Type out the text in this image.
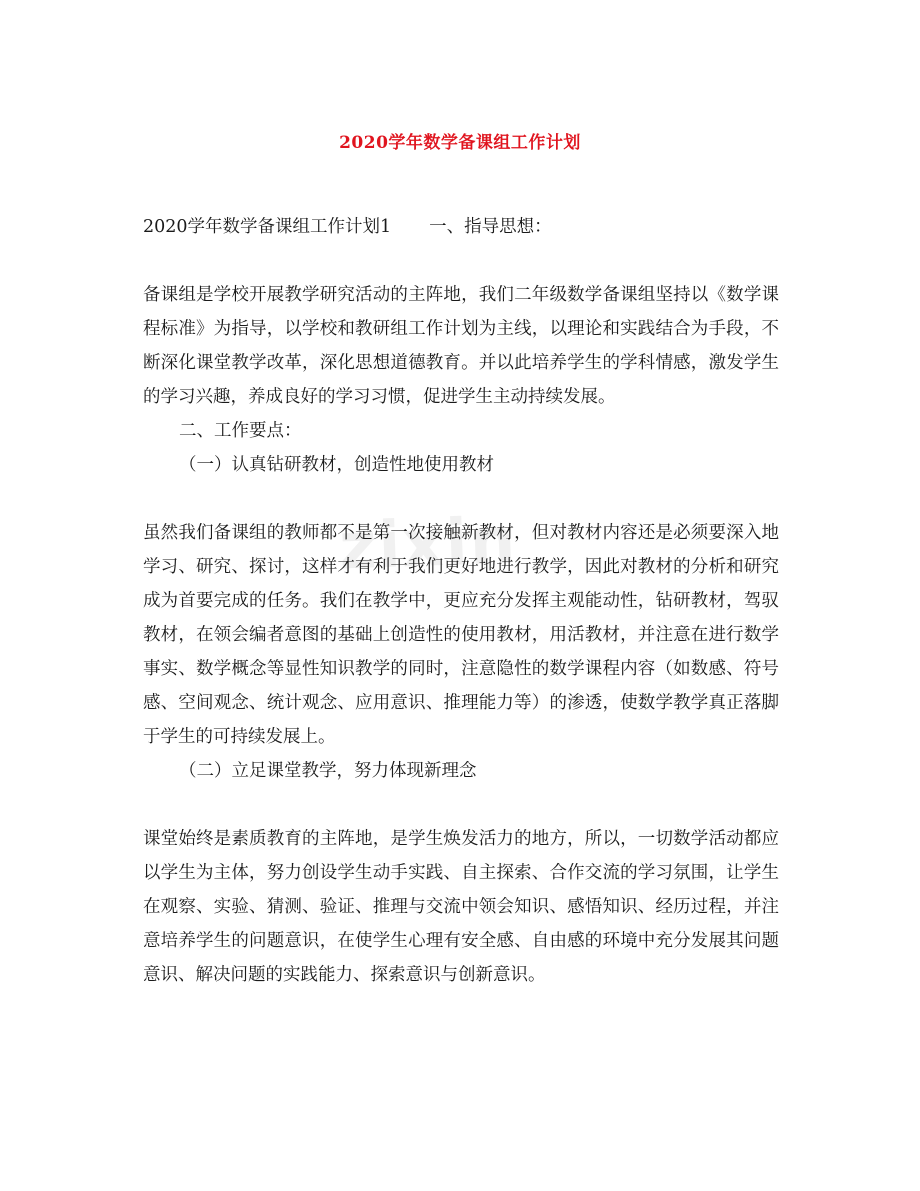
2020学年数学备课组工作计划
zixin
2020学年数学备课组工作计划1 一、指导思想：

备课组是学校开展教学研究活动的主阵地，我们二年级数学备课组坚持以《数学课程标准》为指导，以学校和教研组工作计划为主线，以理论和实践结合为手段，不断深化课堂教学改革，深化思想道德教育。并以此培养学生的学科情感，激发学生的学习兴趣，养成良好的学习习惯，促进学生主动持续发展。

二、工作要点：

（一）认真钻研教材，创造性地使用教材

虽然我们备课组的教师都不是第一次接触新教材，但对教材内容还是必须要深入地学习、研究、探讨，这样才有利于我们更好地进行教学，因此对教材的分析和研究成为首要完成的任务。我们在教学中，更应充分发挥主观能动性，钻研教材，驾驭教材，在领会编者意图的基础上创造性的使用教材，用活教材，并注意在进行数学事实、数学概念等显性知识教学的同时，注意隐性的数学课程内容（如数感、符号感、空间观念、统计观念、应用意识、推理能力等）的渗透，使数学教学真正落脚于学生的可持续发展上。

（二）立足课堂教学，努力体现新理念

课堂始终是素质教育的主阵地，是学生焕发活力的地方，所以，一切数学活动都应以学生为主体，努力创设学生动手实践、自主探索、合作交流的学习氛围，让学生在观察、实验、猜测、验证、推理与交流中领会知识、感悟知识、经历过程，并注意培养学生的问题意识，在使学生心理有安全感、自由感的环境中充分发展其问题意识、解决问题的实践能力、探索意识与创新意识。
